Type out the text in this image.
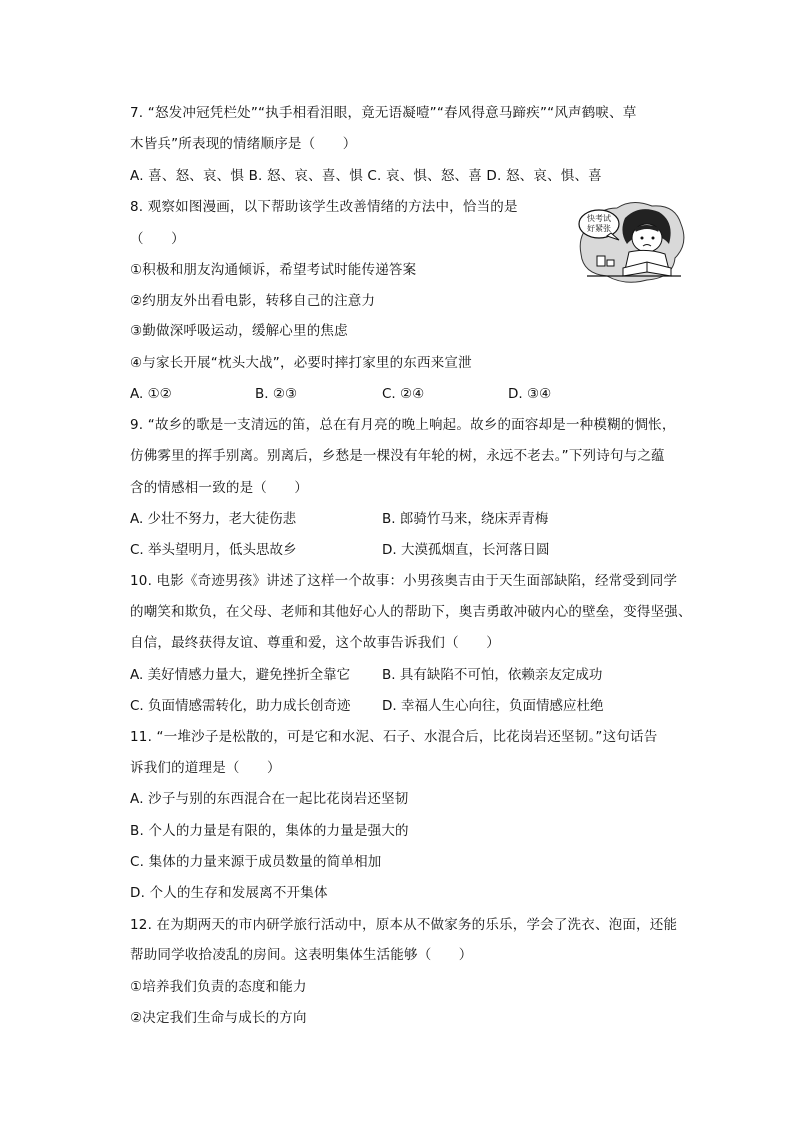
7. “怒发冲冠凭栏处”“执手相看泪眼，竟无语凝噎”“春风得意马蹄疾”“风声鹤唳、草
木皆兵”所表现的情绪顺序是（　　）
A. 喜、怒、哀、惧 B. 怒、哀、喜、惧 C. 哀、惧、怒、喜 D. 怒、哀、惧、喜
8. 观察如图漫画，以下帮助该学生改善情绪的方法中，恰当的是
（　　）
快考试
好紧张
①积极和朋友沟通倾诉，希望考试时能传递答案
②约朋友外出看电影，转移自己的注意力
③勤做深呼吸运动，缓解心里的焦虑
④与家长开展“枕头大战”，必要时摔打家里的东西来宣泄
A. ①②	B. ②③	C. ②④	D. ③④
9. “故乡的歌是一支清远的笛，总在有月亮的晚上响起。故乡的面容却是一种模糊的惆怅，
仿佛雾里的挥手别离。别离后，乡愁是一棵没有年轮的树，永远不老去。”下列诗句与之蕴
含的情感相一致的是（　　）
A. 少壮不努力，老大徒伤悲	B. 郎骑竹马来，绕床弄青梅
C. 举头望明月，低头思故乡	D. 大漠孤烟直，长河落日圆
10. 电影《奇迹男孩》讲述了这样一个故事：小男孩奥吉由于天生面部缺陷，经常受到同学
的嘲笑和欺负，在父母、老师和其他好心人的帮助下，奥吉勇敢冲破内心的壁垒，变得坚强、
自信，最终获得友谊、尊重和爱，这个故事告诉我们（　　）
A. 美好情感力量大，避免挫折全靠它 B. 具有缺陷不可怕，依赖亲友定成功
C. 负面情感需转化，助力成长创奇迹 D. 幸福人生心向往，负面情感应杜绝
11. “一堆沙子是松散的，可是它和水泥、石子、水混合后，比花岗岩还坚韧。”这句话告
诉我们的道理是（　　）
A. 沙子与别的东西混合在一起比花岗岩还坚韧
B. 个人的力量是有限的，集体的力量是强大的
C. 集体的力量来源于成员数量的简单相加
D. 个人的生存和发展离不开集体
12. 在为期两天的市内研学旅行活动中，原本从不做家务的乐乐，学会了洗衣、泡面，还能
帮助同学收拾凌乱的房间。这表明集体生活能够（　　）
①培养我们负责的态度和能力
②决定我们生命与成长的方向
